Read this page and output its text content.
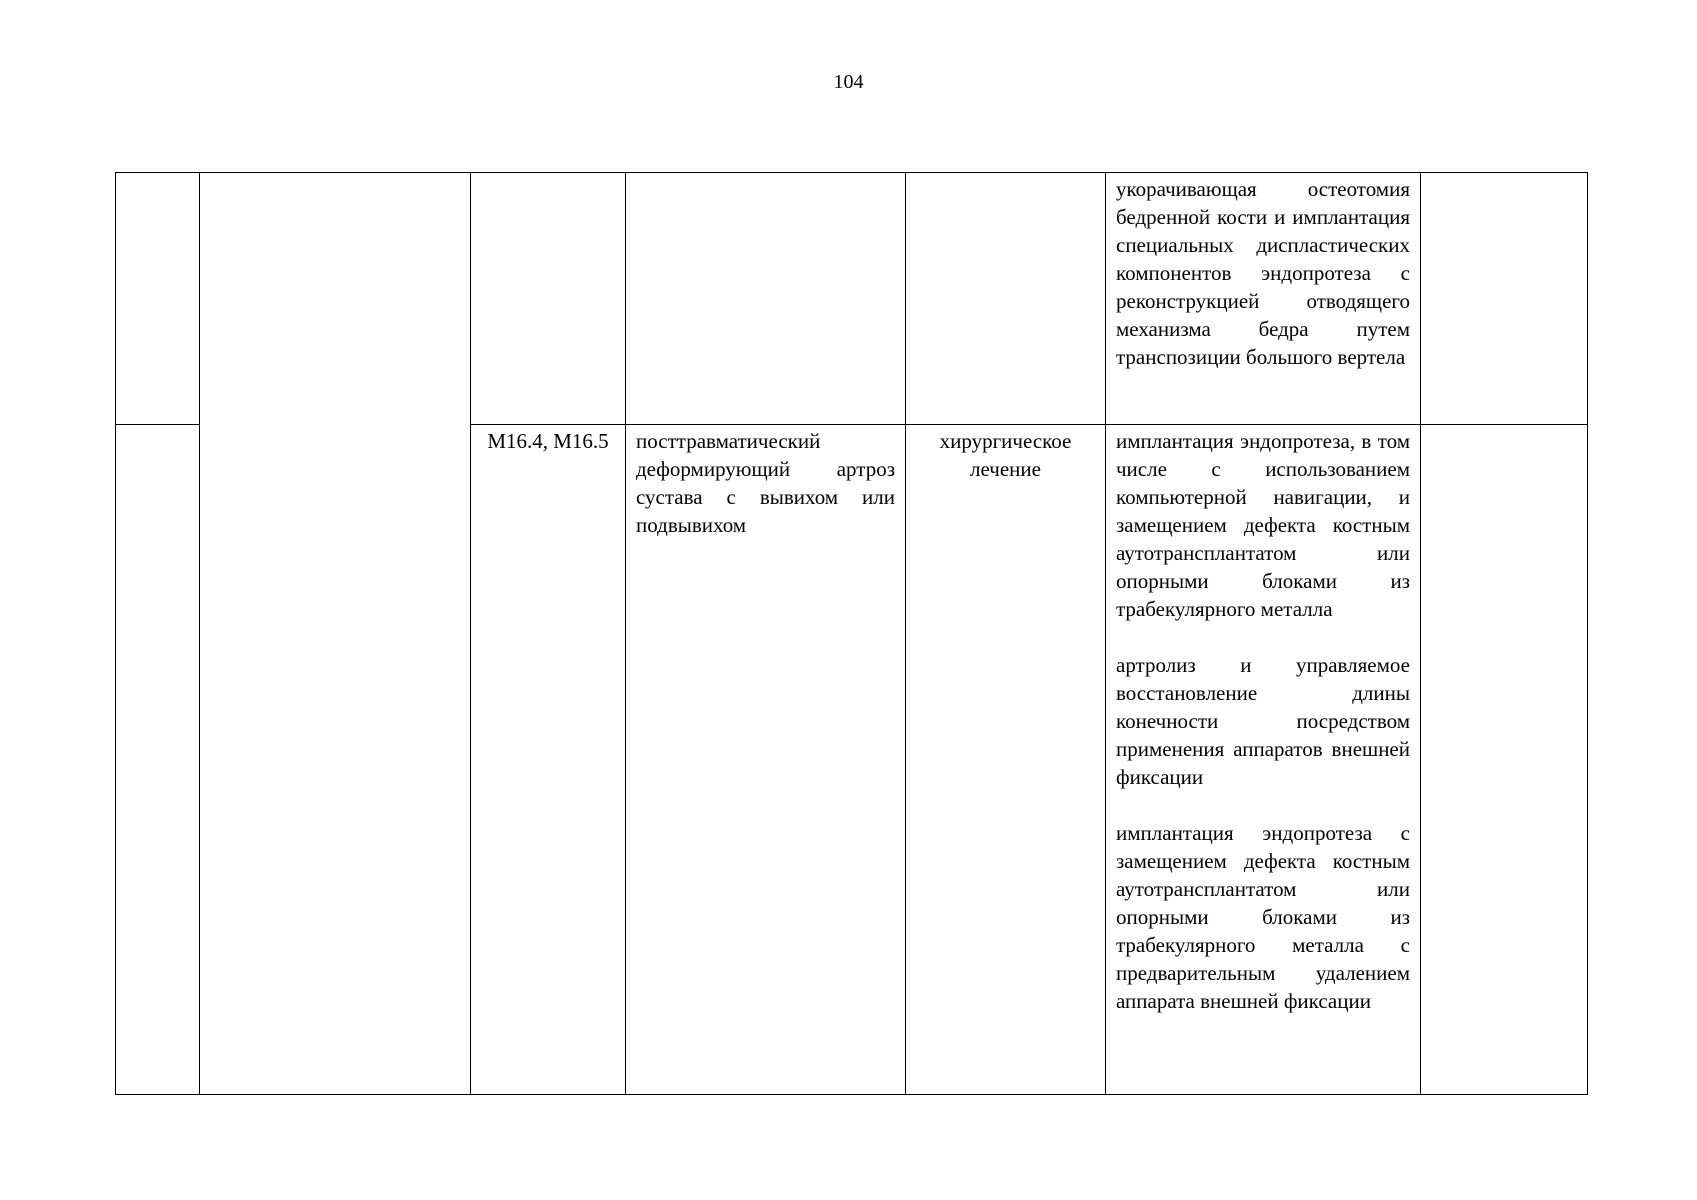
104

					укорачивающая остеотомия бедренной кости и имплантация специальных диспластических компонентов эндопротеза с реконструкцией отводящего механизма бедра путем транспозиции большого вертела	

		M16.4, M16.5	посттравматический деформирующий артроз сустава с вывихом или подвывихом	хирургическое лечение	имплантация эндопротеза, в том числе с использованием компьютерной навигации, и замещением дефекта костным аутотрансплантатом или опорными блоками из трабекулярного металла
артролиз и управляемое восстановление длины конечности посредством применения аппаратов внешней фиксации
имплантация эндопротеза с замещением дефекта костным аутотрансплантатом или опорными блоками из трабекулярного металла с предварительным удалением аппарата внешней фиксации	
